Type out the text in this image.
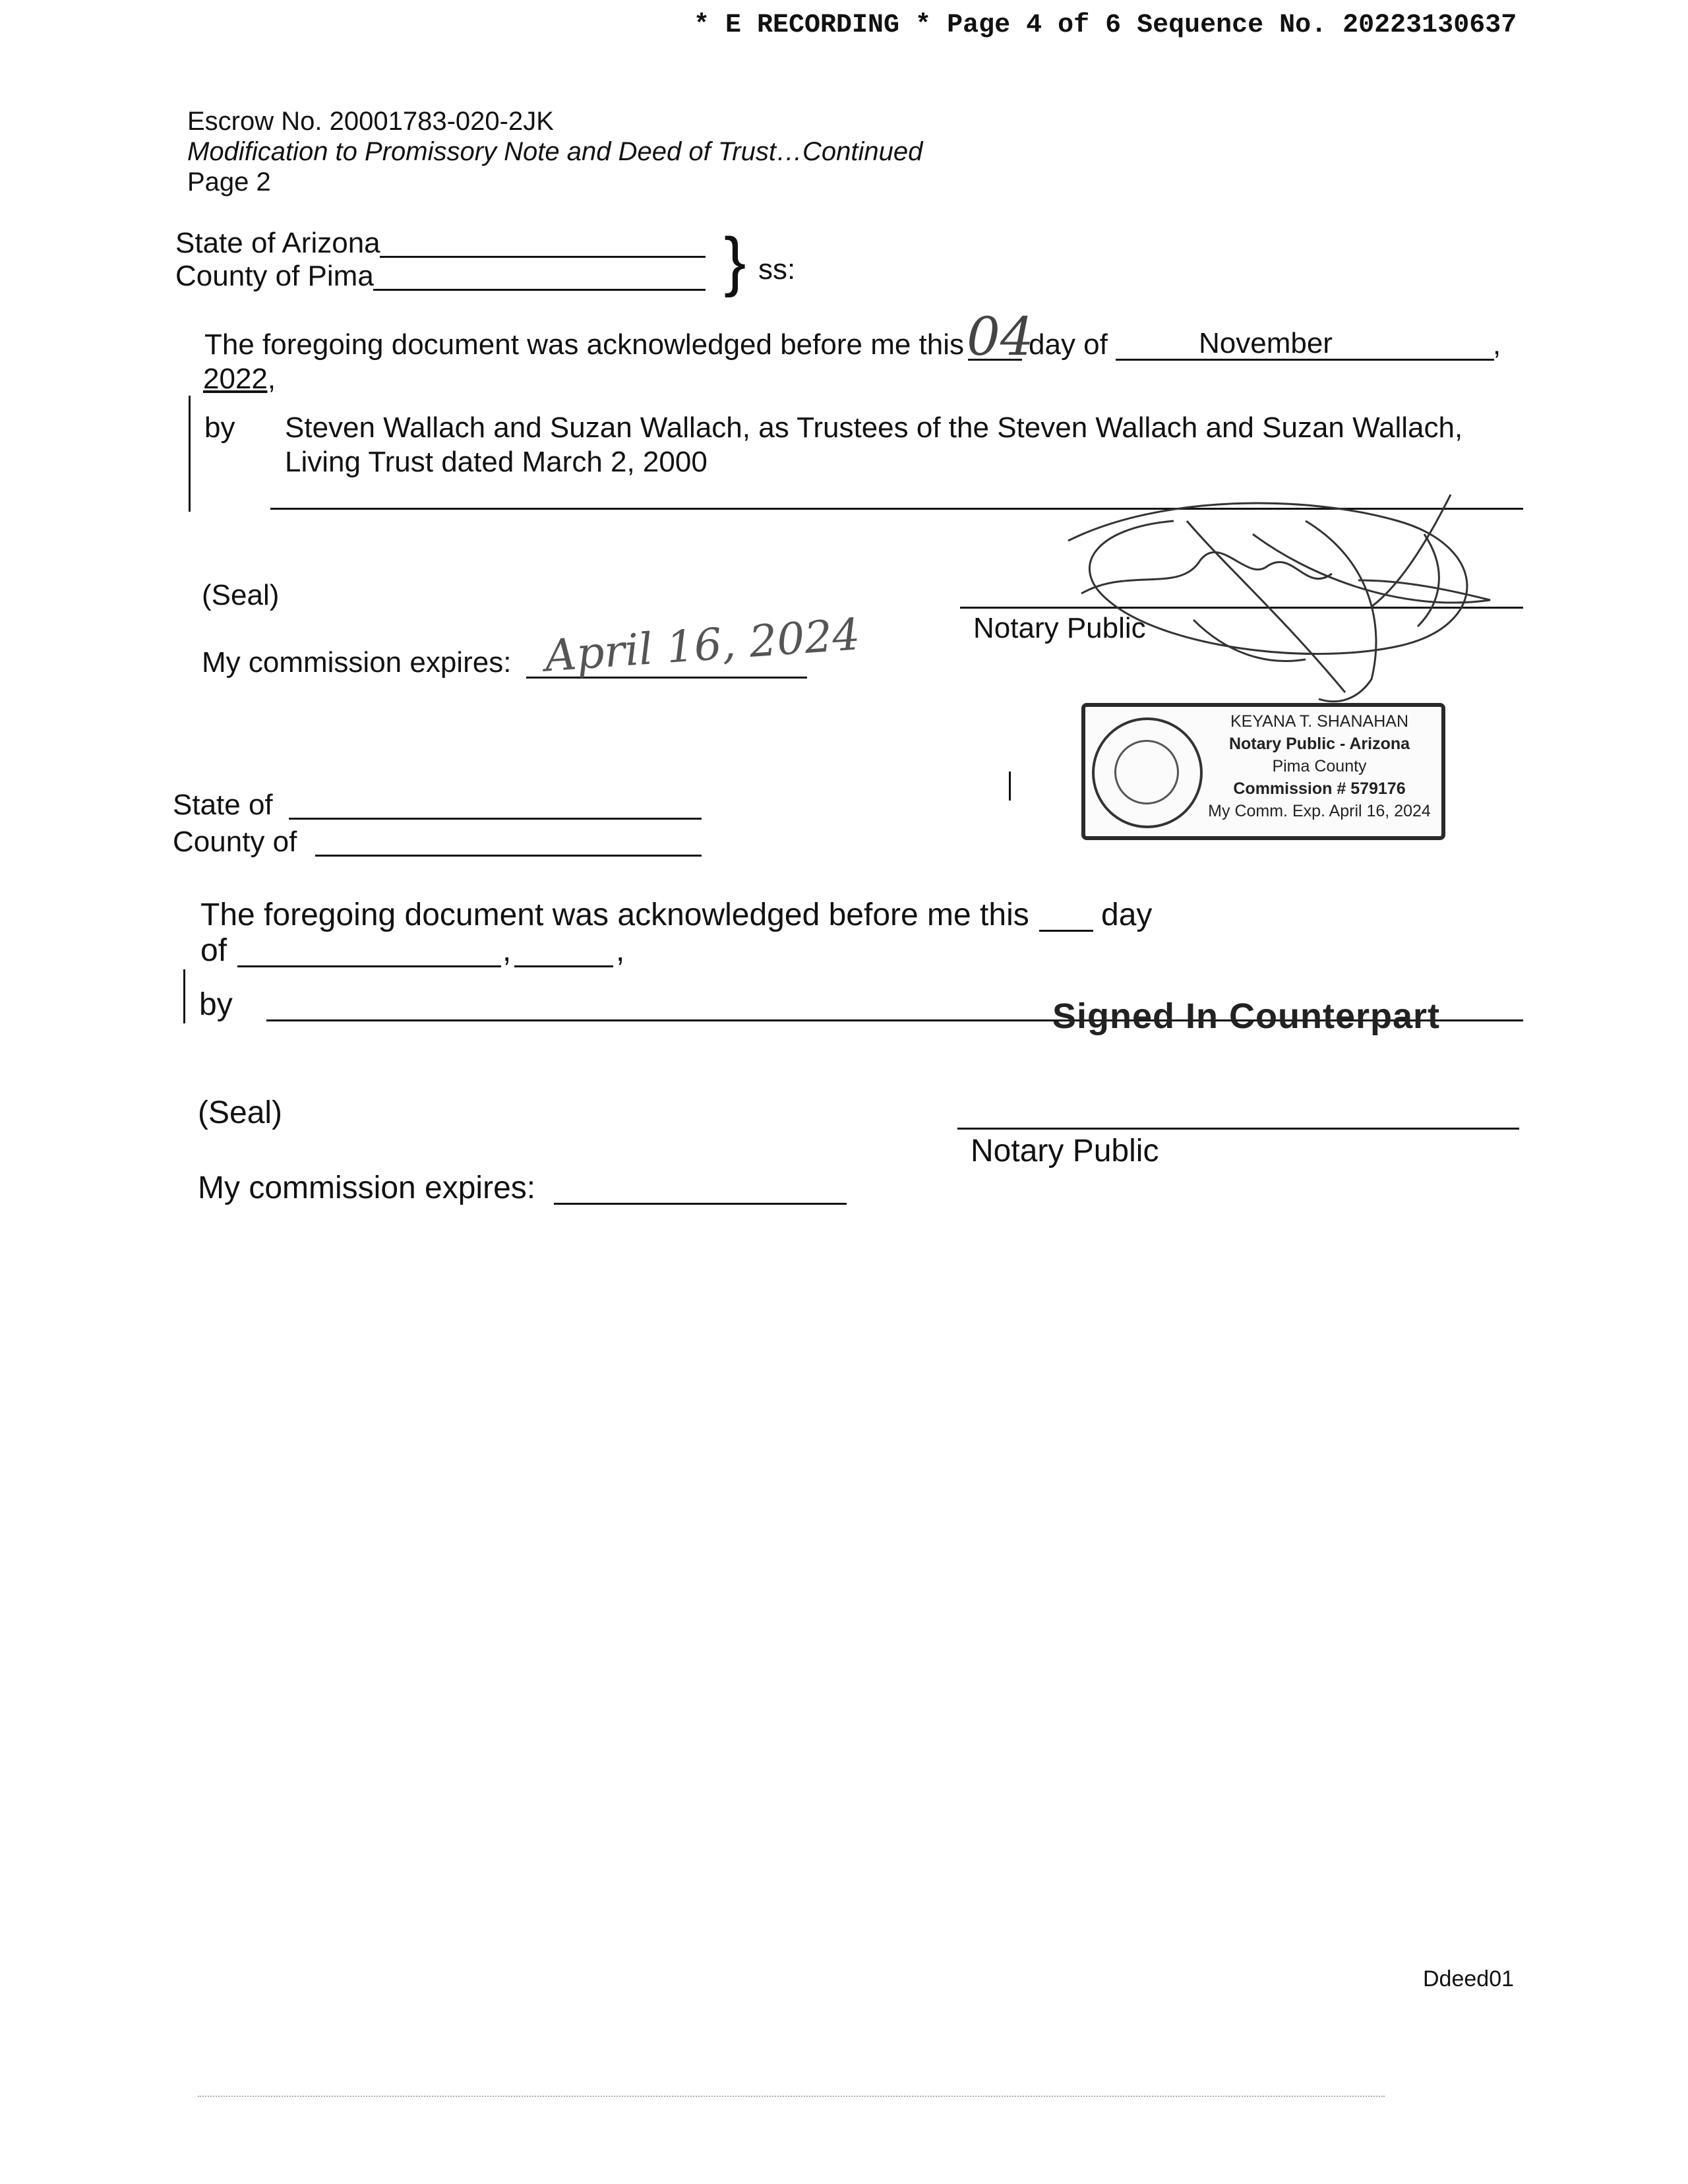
* E RECORDING * Page 4 of 6 Sequence No. 20223130637
Escrow No. 20001783-020-2JK
Modification to Promissory Note and Deed of Trust…Continued
Page 2
State of Arizona
County of Pima	} ss:
The foregoing document was acknowledged before me this 04
day of	November	,
2022,
by Steven Wallach and Suzan Wallach, as Trustees of the Steven Wallach and Suzan Wallach,
Living Trust dated March 2, 2000
(Seal)
Notary Public
My commission expires: April 16, 2024
KEYANA T. SHANAHAN
Notary Public - Arizona
Pima County
Commission # 579176
My Comm. Exp. April 16, 2024
State of
County of
The foregoing document was acknowledged before me this day
of	,	,
by	Signed In Counterpart
(Seal)
Notary Public
My commission expires:
Ddeed01
